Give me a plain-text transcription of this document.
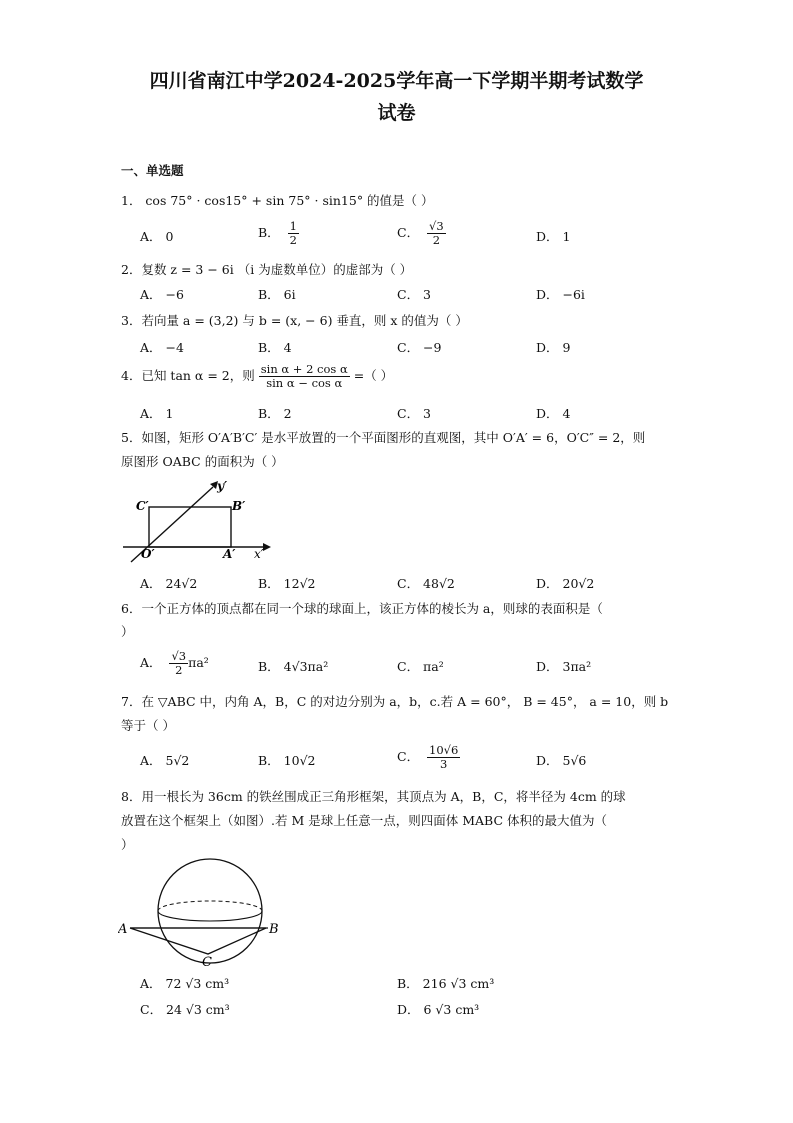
四川省南江中学2024-2025学年高一下学期半期考试数学
试卷
一、单选题
1． cos 75° · cos15° + sin 75° · sin15° 的值是（ ）
A． 0	B． $\frac{1}{2}$	C． $\frac{√3}{2}$	D． 1
2．复数 z = 3 − 6i （i 为虚数单位）的虚部为（ ）
A． −6	B． 6i	C． 3	D． −6i
3．若向量 a = (3,2) 与 b = (x, − 6) 垂直，则 x 的值为（ ）
A． −4	B． 4	C． −9	D． 9
4．已知 tan α = 2，则 $\frac{\text{sin α + 2 cos α}}{\text{sin α − cos α}}$ =（ ）
A． 1	B． 2	C． 3	D． 4
5．如图，矩形 O′A′B′C′ 是水平放置的一个平面图形的直观图，其中 O′A′ = 6，O′C″ = 2，则
原图形 OABC 的面积为（ ）
C′	B′
O′	A′ x′
y′
A． 24√2	B． 12√2	C． 48√2	D． 20√2
6．一个正方体的顶点都在同一个球的球面上，该正方体的棱长为 a，则球的表面积是（
）
A． $\frac{√3}{2} \pi a^2$	B． 4√3πa²	C． πa²	D． 3πa²
7．在 ▽ABC 中，内角 A，B，C 的对边分别为 a，b，c.若 A = 60°， B = 45°， a = 10，则 b
等于（ ）
A． 5√2	B． 10√2	C． $\frac{10√6}{3}$	D． 5√6
8．用一根长为 36cm 的铁丝围成正三角形框架，其顶点为 A，B，C，将半径为 4cm 的球
放置在这个框架上（如图）.若 M 是球上任意一点，则四面体 MABC 体积的最大值为（
）
A	B
C
A． 72 √3 cm³	B． 216 √3 cm³
C． 24 √3 cm³	D． 6 √3 cm³
